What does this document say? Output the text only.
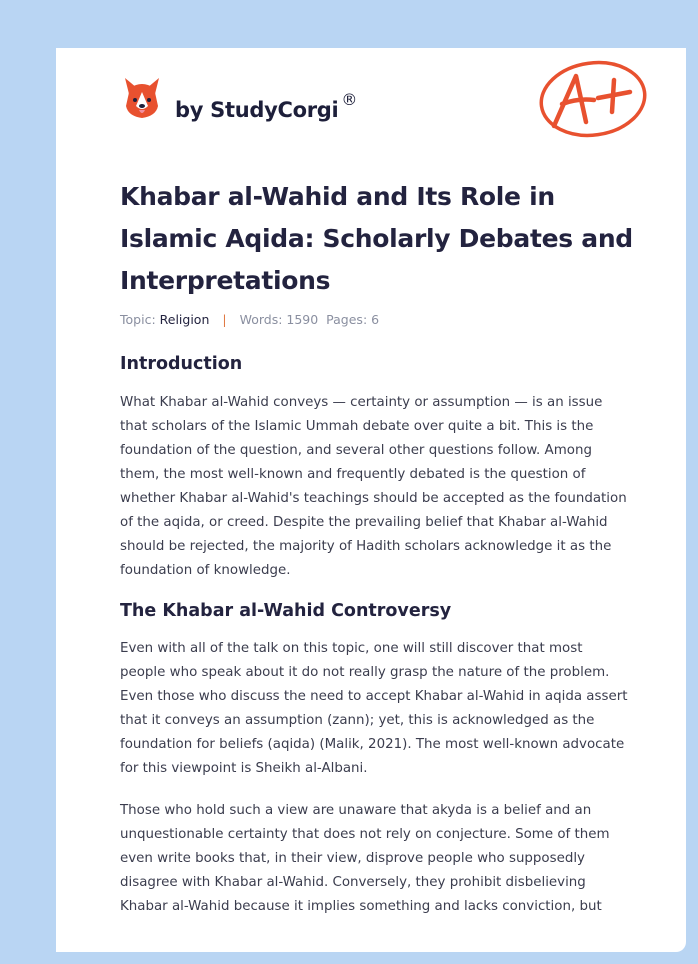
by StudyCorgi ®
Khabar al-Wahid and Its Role in Islamic Aqida: Scholarly Debates and Interpretations
Topic: Religion | Words: 1590 Pages: 6
Introduction

What Khabar al-Wahid conveys — certainty or assumption — is an issue that scholars of the Islamic Ummah debate over quite a bit. This is the foundation of the question, and several other questions follow. Among them, the most well-known and frequently debated is the question of whether Khabar al-Wahid's teachings should be accepted as the foundation of the aqida, or creed. Despite the prevailing belief that Khabar al-Wahid should be rejected, the majority of Hadith scholars acknowledge it as the foundation of knowledge.

The Khabar al-Wahid Controversy

Even with all of the talk on this topic, one will still discover that most people who speak about it do not really grasp the nature of the problem. Even those who discuss the need to accept Khabar al-Wahid in aqida assert that it conveys an assumption (zann); yet, this is acknowledged as the foundation for beliefs (aqida) (Malik, 2021). The most well-known advocate for this viewpoint is Sheikh al-Albani.

Those who hold such a view are unaware that akyda is a belief and an unquestionable certainty that does not rely on conjecture. Some of them even write books that, in their view, disprove people who supposedly disagree with Khabar al-Wahid. Conversely, they prohibit disbelieving Khabar al-Wahid because it implies something and lacks conviction, but
